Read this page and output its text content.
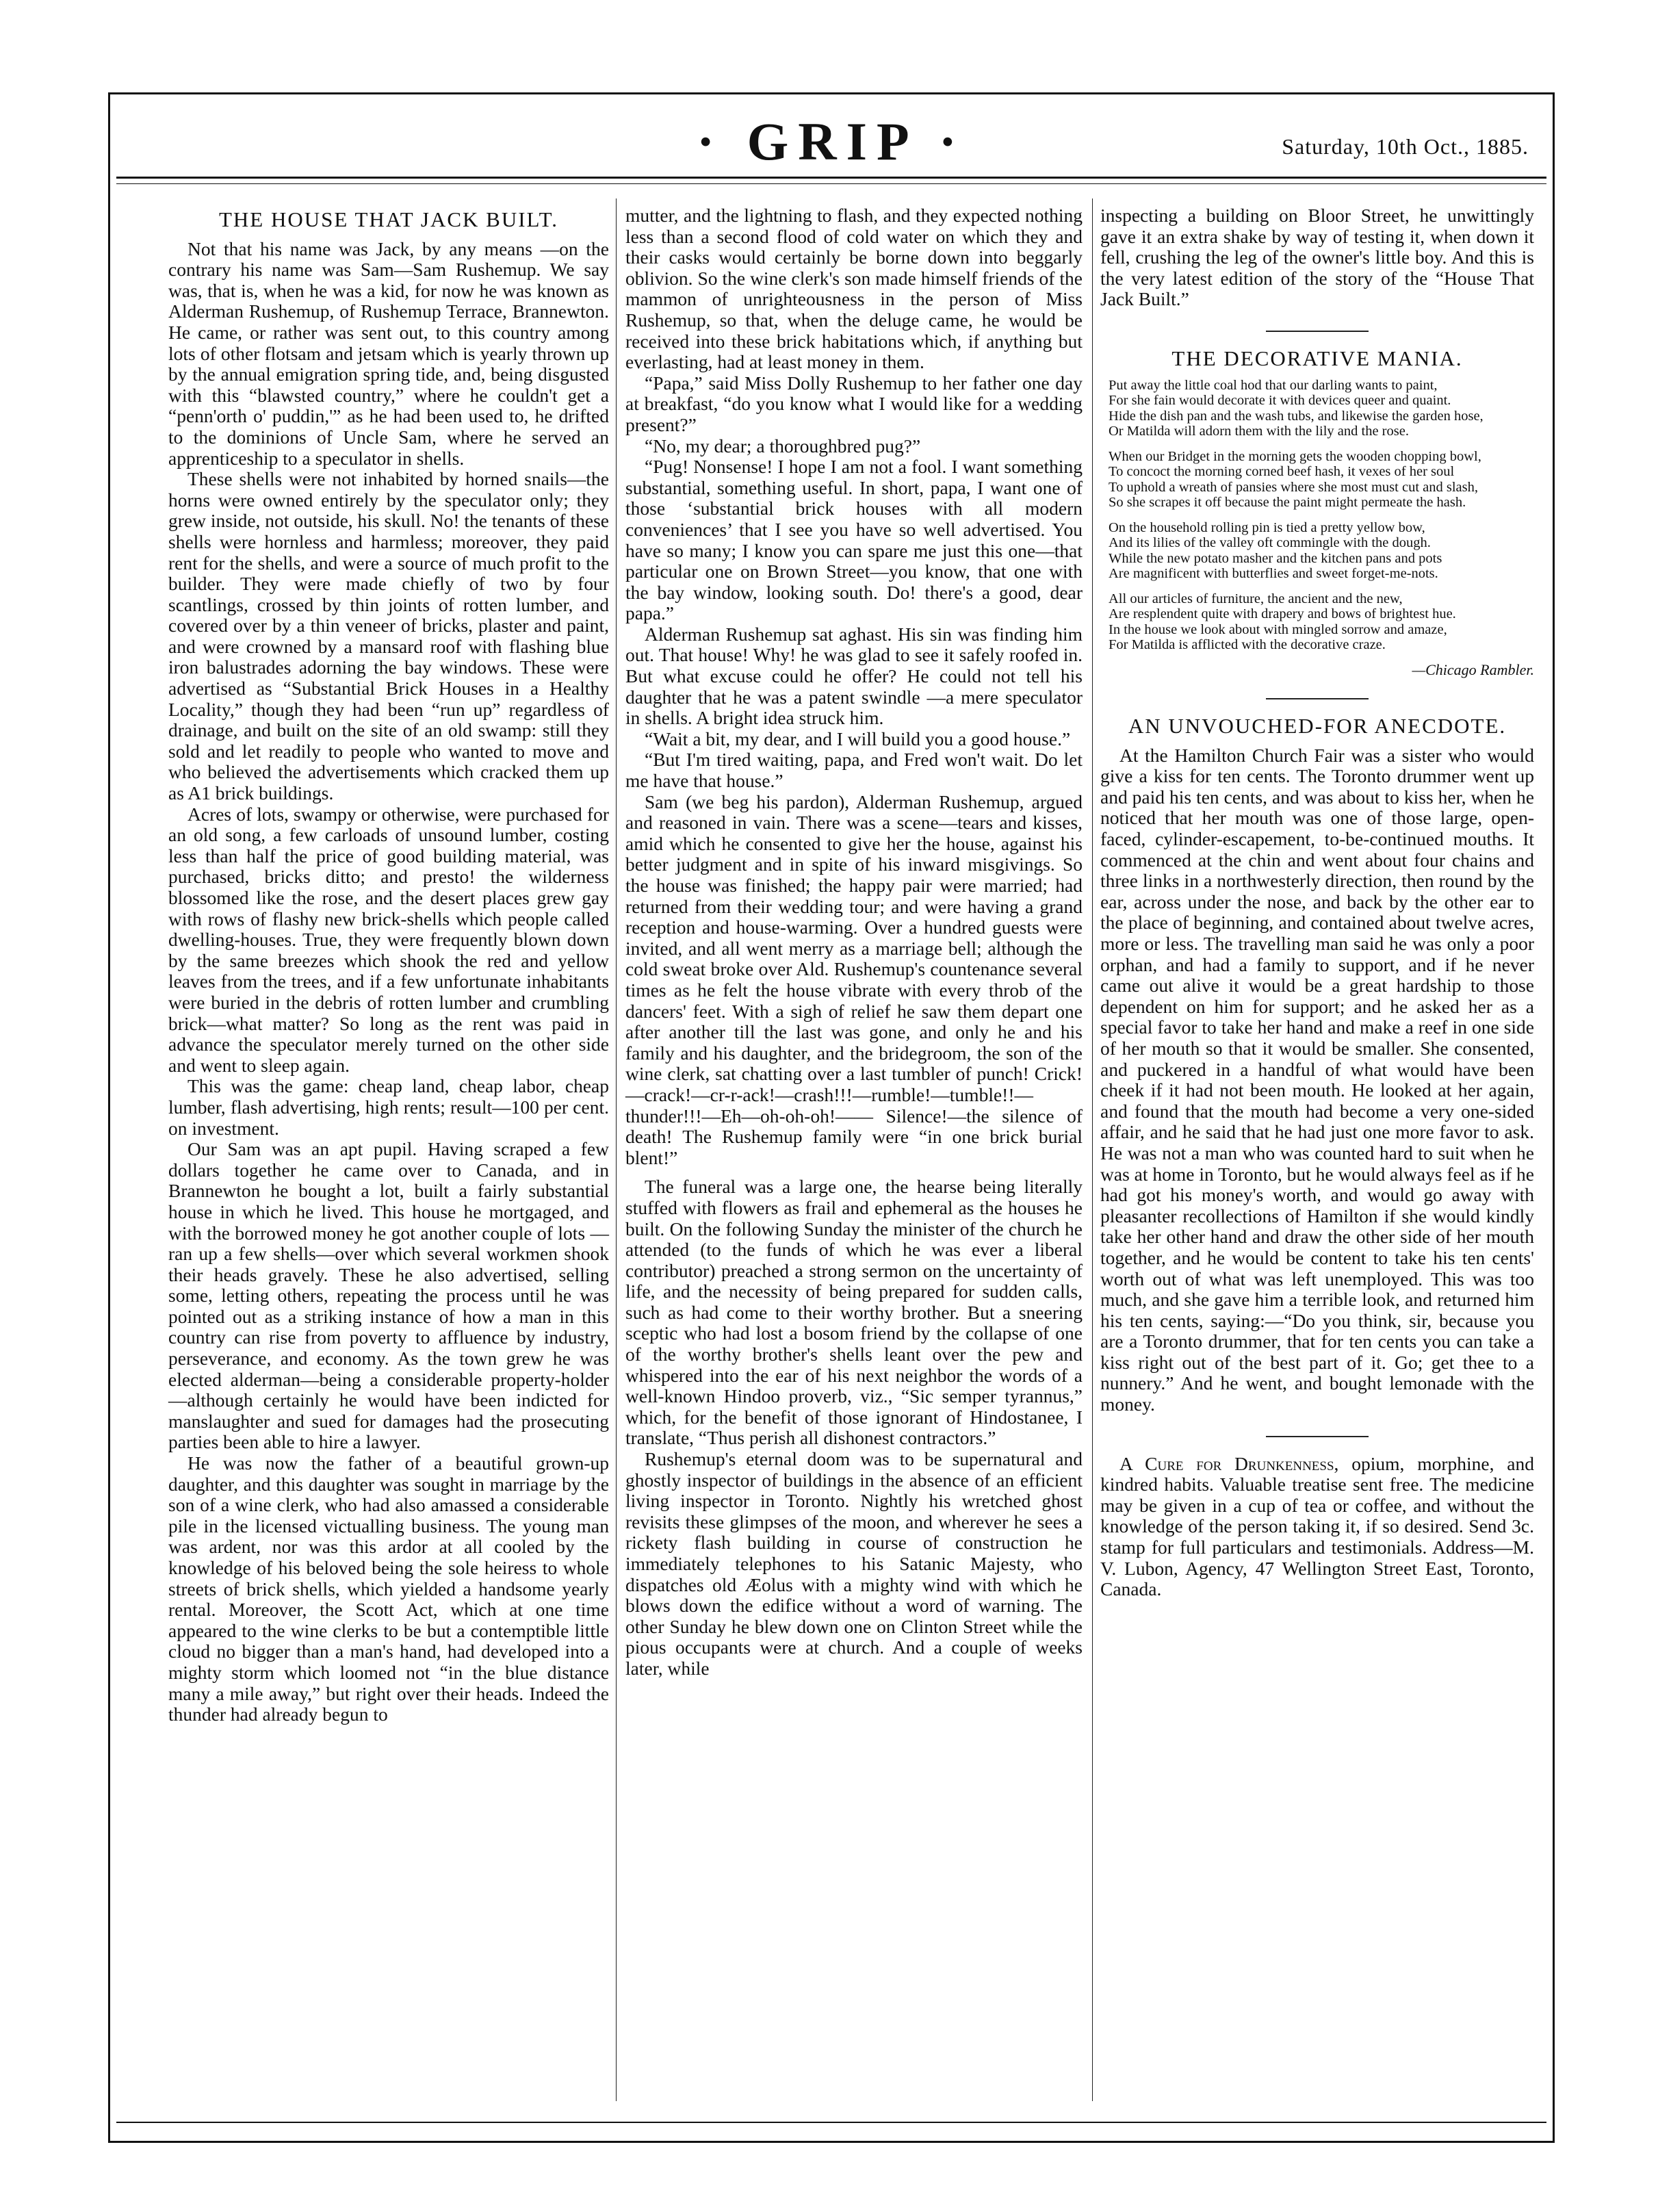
· GRIP ·	Saturday, 10th Oct., 1885.
THE HOUSE THAT JACK BUILT.

Not that his name was Jack, by any means —on the contrary his name was Sam—Sam Rushemup. We say was, that is, when he was a kid, for now he was known as Alderman Rushemup, of Rushemup Terrace, Brannewton. He came, or rather was sent out, to this country among lots of other flotsam and jetsam which is yearly thrown up by the annual emigration spring tide, and, being disgusted with this “blawsted country,” where he couldn't get a “penn'orth o' puddin,'” as he had been used to, he drifted to the dominions of Uncle Sam, where he served an apprenticeship to a speculator in shells.

These shells were not inhabited by horned snails—the horns were owned entirely by the speculator only; they grew inside, not outside, his skull. No! the tenants of these shells were hornless and harmless; moreover, they paid rent for the shells, and were a source of much profit to the builder. They were made chiefly of two by four scantlings, crossed by thin joints of rotten lumber, and covered over by a thin veneer of bricks, plaster and paint, and were crowned by a mansard roof with flashing blue iron balustrades adorning the bay windows. These were advertised as “Substantial Brick Houses in a Healthy Locality,” though they had been “run up” regardless of drainage, and built on the site of an old swamp: still they sold and let readily to people who wanted to move and who believed the advertisements which cracked them up as A1 brick buildings.

Acres of lots, swampy or otherwise, were purchased for an old song, a few carloads of unsound lumber, costing less than half the price of good building material, was purchased, bricks ditto; and presto! the wilderness blossomed like the rose, and the desert places grew gay with rows of flashy new brick-shells which people called dwelling-houses. True, they were frequently blown down by the same breezes which shook the red and yellow leaves from the trees, and if a few unfortunate inhabitants were buried in the debris of rotten lumber and crumbling brick—what matter? So long as the rent was paid in advance the speculator merely turned on the other side and went to sleep again.

This was the game: cheap land, cheap labor, cheap lumber, flash advertising, high rents; result—100 per cent. on investment.

Our Sam was an apt pupil. Having scraped a few dollars together he came over to Canada, and in Brannewton he bought a lot, built a fairly substantial house in which he lived. This house he mortgaged, and with the borrowed money he got another couple of lots —ran up a few shells—over which several workmen shook their heads gravely. These he also advertised, selling some, letting others, repeating the process until he was pointed out as a striking instance of how a man in this country can rise from poverty to affluence by industry, perseverance, and economy. As the town grew he was elected alderman—being a considerable property-holder—although certainly he would have been indicted for manslaughter and sued for damages had the prosecuting parties been able to hire a lawyer.

He was now the father of a beautiful grown-up daughter, and this daughter was sought in marriage by the son of a wine clerk, who had also amassed a considerable pile in the licensed victualling business. The young man was ardent, nor was this ardor at all cooled by the knowledge of his beloved being the sole heiress to whole streets of brick shells, which yielded a handsome yearly rental. Moreover, the Scott Act, which at one time appeared to the wine clerks to be but a contemptible little cloud no bigger than a man's hand, had developed into a mighty storm which loomed not “in the blue distance many a mile away,” but right over their heads. Indeed the thunder had already begun to

mutter, and the lightning to flash, and they expected nothing less than a second flood of cold water on which they and their casks would certainly be borne down into beggarly oblivion. So the wine clerk's son made himself friends of the mammon of unrighteousness in the person of Miss Rushemup, so that, when the deluge came, he would be received into these brick habitations which, if anything but everlasting, had at least money in them.

“Papa,” said Miss Dolly Rushemup to her father one day at breakfast, “do you know what I would like for a wedding present?”

“No, my dear; a thoroughbred pug?”

“Pug! Nonsense! I hope I am not a fool. I want something substantial, something useful. In short, papa, I want one of those ‘substantial brick houses with all modern conveniences’ that I see you have so well advertised. You have so many; I know you can spare me just this one—that particular one on Brown Street—you know, that one with the bay window, looking south. Do! there's a good, dear papa.”

Alderman Rushemup sat aghast. His sin was finding him out. That house! Why! he was glad to see it safely roofed in. But what excuse could he offer? He could not tell his daughter that he was a patent swindle —a mere speculator in shells. A bright idea struck him.

“Wait a bit, my dear, and I will build you a good house.”

“But I'm tired waiting, papa, and Fred won't wait. Do let me have that house.”

Sam (we beg his pardon), Alderman Rushemup, argued and reasoned in vain. There was a scene—tears and kisses, amid which he consented to give her the house, against his better judgment and in spite of his inward misgivings. So the house was finished; the happy pair were married; had returned from their wedding tour; and were having a grand reception and house-warming. Over a hundred guests were invited, and all went merry as a marriage bell; although the cold sweat broke over Ald. Rushemup's countenance several times as he felt the house vibrate with every throb of the dancers' feet. With a sigh of relief he saw them depart one after another till the last was gone, and only he and his family and his daughter, and the bridegroom, the son of the wine clerk, sat chatting over a last tumbler of punch! Crick!—crack!—cr-r-ack!—crash!!!—rumble!—tumble!!—thunder!!!—Eh—oh-oh-oh!—— Silence!—the silence of death! The Rushemup family were “in one brick burial blent!”

The funeral was a large one, the hearse being literally stuffed with flowers as frail and ephemeral as the houses he built. On the following Sunday the minister of the church he attended (to the funds of which he was ever a liberal contributor) preached a strong sermon on the uncertainty of life, and the necessity of being prepared for sudden calls, such as had come to their worthy brother. But a sneering sceptic who had lost a bosom friend by the collapse of one of the worthy brother's shells leant over the pew and whispered into the ear of his next neighbor the words of a well-known Hindoo proverb, viz., “Sic semper tyrannus,” which, for the benefit of those ignorant of Hindostanee, I translate, “Thus perish all dishonest contractors.”

Rushemup's eternal doom was to be supernatural and ghostly inspector of buildings in the absence of an efficient living inspector in Toronto. Nightly his wretched ghost revisits these glimpses of the moon, and wherever he sees a rickety flash building in course of construction he immediately telephones to his Satanic Majesty, who dispatches old Æolus with a mighty wind with which he blows down the edifice without a word of warning. The other Sunday he blew down one on Clinton Street while the pious occupants were at church. And a couple of weeks later, while

inspecting a building on Bloor Street, he unwittingly gave it an extra shake by way of testing it, when down it fell, crushing the leg of the owner's little boy. And this is the very latest edition of the story of the “House That Jack Built.”

THE DECORATIVE MANIA.
Put away the little coal hod that our darling wants to paint,
For she fain would decorate it with devices queer and quaint.
Hide the dish pan and the wash tubs, and likewise the garden hose,
Or Matilda will adorn them with the lily and the rose.
When our Bridget in the morning gets the wooden chopping bowl,
To concoct the morning corned beef hash, it vexes of her soul
To uphold a wreath of pansies where she most must cut and slash,
So she scrapes it off because the paint might permeate the hash.
On the household rolling pin is tied a pretty yellow bow,
And its lilies of the valley oft commingle with the dough.
While the new potato masher and the kitchen pans and pots
Are magnificent with butterflies and sweet forget-me-nots.
All our articles of furniture, the ancient and the new,
Are resplendent quite with drapery and bows of brightest hue.
In the house we look about with mingled sorrow and amaze,
For Matilda is afflicted with the decorative craze.
—Chicago Rambler.
AN UNVOUCHED-FOR ANECDOTE.

At the Hamilton Church Fair was a sister who would give a kiss for ten cents. The Toronto drummer went up and paid his ten cents, and was about to kiss her, when he noticed that her mouth was one of those large, open-faced, cylinder-escapement, to-be-continued mouths. It commenced at the chin and went about four chains and three links in a northwesterly direction, then round by the ear, across under the nose, and back by the other ear to the place of beginning, and contained about twelve acres, more or less. The travelling man said he was only a poor orphan, and had a family to support, and if he never came out alive it would be a great hardship to those dependent on him for support; and he asked her as a special favor to take her hand and make a reef in one side of her mouth so that it would be smaller. She consented, and puckered in a handful of what would have been cheek if it had not been mouth. He looked at her again, and found that the mouth had become a very one-sided affair, and he said that he had just one more favor to ask. He was not a man who was counted hard to suit when he was at home in Toronto, but he would always feel as if he had got his money's worth, and would go away with pleasanter recollections of Hamilton if she would kindly take her other hand and draw the other side of her mouth together, and he would be content to take his ten cents' worth out of what was left unemployed. This was too much, and she gave him a terrible look, and returned him his ten cents, saying:—“Do you think, sir, because you are a Toronto drummer, that for ten cents you can take a kiss right out of the best part of it. Go; get thee to a nunnery.” And he went, and bought lemonade with the money.

A Cure for Drunkenness, opium, morphine, and kindred habits. Valuable treatise sent free. The medicine may be given in a cup of tea or coffee, and without the knowledge of the person taking it, if so desired. Send 3c. stamp for full particulars and testimonials. Address—M. V. Lubon, Agency, 47 Wellington Street East, Toronto, Canada.
